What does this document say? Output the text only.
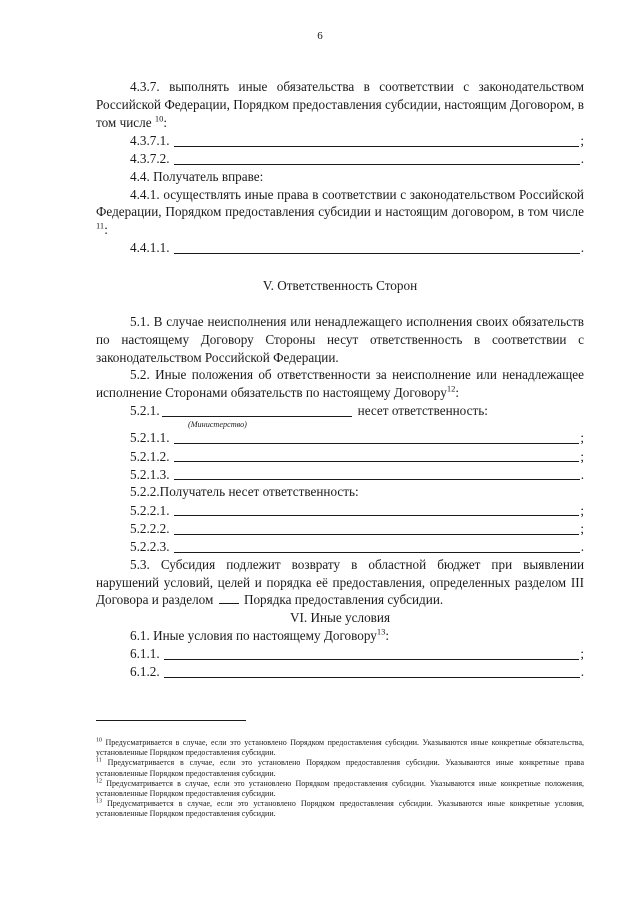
6

4.3.7. выполнять иные обязательства в соответствии с законодательством Российской Федерации, Порядком предоставления субсидии, настоящим Договором, в том числе $^{10}$:

4.3.7.1.	;
4.3.7.2.	.

4.4. Получатель вправе:

4.4.1. осуществлять иные права в соответствии с законодательством Российской Федерации, Порядком предоставления субсидии и настоящим договором, в том числе $^{11}$:

4.4.1.1.	.

V. Ответственность Сторон

5.1. В случае неисполнения или ненадлежащего исполнения своих обязательств по настоящему Договору Стороны несут ответственность в соответствии с законодательством Российской Федерации.

5.2. Иные положения об ответственности за неисполнение или ненадлежащее исполнение Сторонами обязательств по настоящему Договору$^{12}$:

5.2.1.	несет ответственность:
(Министерство)
5.2.1.1.	;
5.2.1.2.	;
5.2.1.3.	.

5.2.2.Получатель несет ответственность:

5.2.2.1.	;
5.2.2.2.	;
5.2.2.3.	.

5.3. Субсидия подлежит возврату в областной бюджет при выявлении нарушений условий, целей и порядка её предоставления, определенных разделом III Договора и разделом Порядка предоставления субсидии.

VI. Иные условия

6.1. Иные условия по настоящему Договору$^{13}$:

6.1.1.	;
6.1.2.	.

$^{10}$ Предусматривается в случае, если это установлено Порядком предоставления субсидии. Указываются иные конкретные обязательства, установленные Порядком предоставления субсидии.

$^{11}$ Предусматривается в случае, если это установлено Порядком предоставления субсидии. Указываются иные конкретные права установленные Порядком предоставления субсидии.

$^{12}$ Предусматривается в случае, если это установлено Порядком предоставления субсидии. Указываются иные конкретные положения, установленные Порядком предоставления субсидии.

$^{13}$ Предусматривается в случае, если это установлено Порядком предоставления субсидии. Указываются иные конкретные условия, установленные Порядком предоставления субсидии.
